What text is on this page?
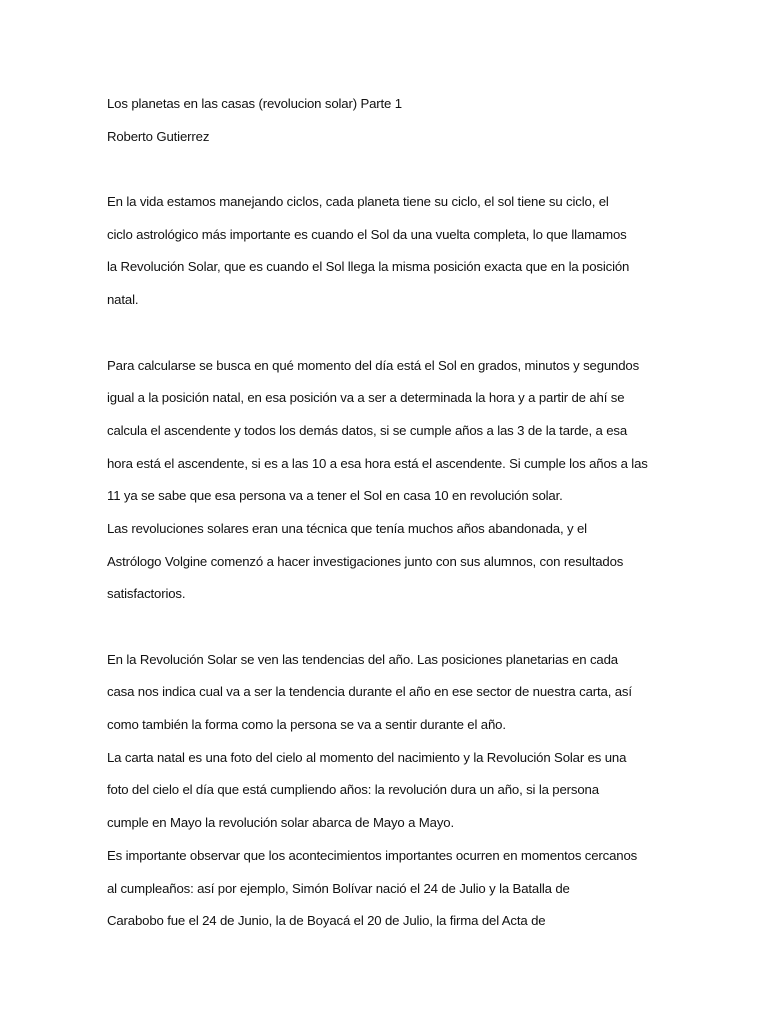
Los planetas en las casas (revolucion solar) Parte 1
Roberto Gutierrez
En la vida estamos manejando ciclos, cada planeta tiene su ciclo, el sol tiene su ciclo, el
ciclo astrológico más importante es cuando el Sol da una vuelta completa, lo que llamamos
la Revolución Solar, que es cuando el Sol llega la misma posición exacta que en la posición
natal.
Para calcularse se busca en qué momento del día está el Sol en grados, minutos y segundos
igual a la posición natal, en esa posición va a ser a determinada la hora y a partir de ahí se
calcula el ascendente y todos los demás datos, si se cumple años a las 3 de la tarde, a esa
hora está el ascendente, si es a las 10 a esa hora está el ascendente. Si cumple los años a las
11 ya se sabe que esa persona va a tener el Sol en casa 10 en revolución solar.
Las revoluciones solares eran una técnica que tenía muchos años abandonada, y el
Astrólogo Volgine comenzó a hacer investigaciones junto con sus alumnos, con resultados
satisfactorios.
En la Revolución Solar se ven las tendencias del año. Las posiciones planetarias en cada
casa nos indica cual va a ser la tendencia durante el año en ese sector de nuestra carta, así
como también la forma como la persona se va a sentir durante el año.
La carta natal es una foto del cielo al momento del nacimiento y la Revolución Solar es una
foto del cielo el día que está cumpliendo años: la revolución dura un año, si la persona
cumple en Mayo la revolución solar abarca de Mayo a Mayo.
Es importante observar que los acontecimientos importantes ocurren en momentos cercanos
al cumpleaños: así por ejemplo, Simón Bolívar nació el 24 de Julio y la Batalla de
Carabobo fue el 24 de Junio, la de Boyacá el 20 de Julio, la firma del Acta de
